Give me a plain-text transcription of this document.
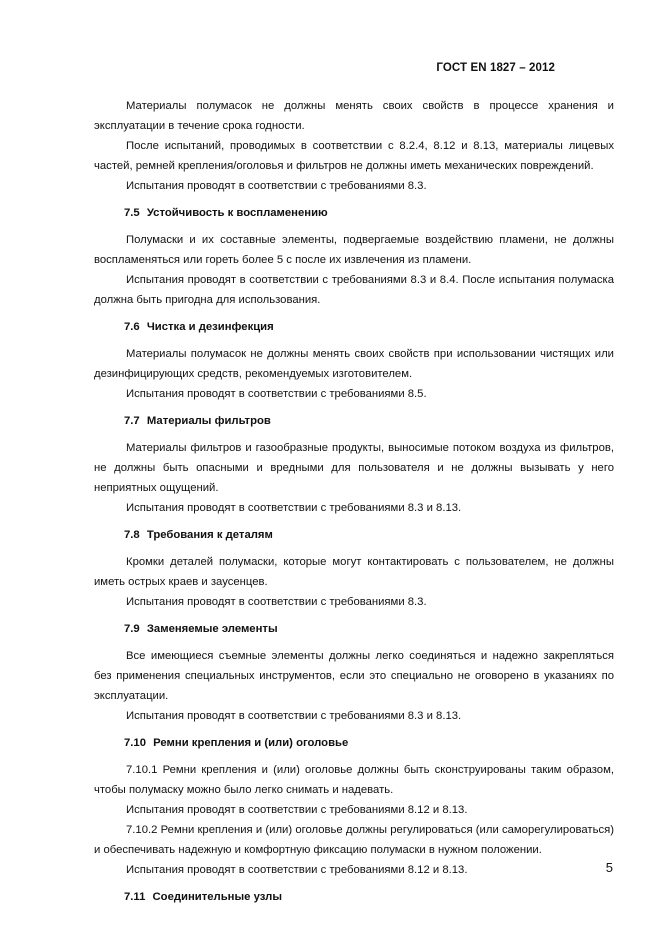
ГОСТ EN 1827 – 2012

Материалы полумасок не должны менять своих свойств в процессе хранения и эксплуатации в течение срока годности.

После испытаний, проводимых в соответствии с 8.2.4, 8.12 и 8.13, материалы лицевых частей, ремней крепления/оголовья и фильтров не должны иметь механических повреждений.

Испытания проводят в соответствии с требованиями 8.3.

7.5 Устойчивость к воспламенению

Полумаски и их составные элементы, подвергаемые воздействию пламени, не должны воспламеняться или гореть более 5 с после их извлечения из пламени.

Испытания проводят в соответствии с требованиями 8.3 и 8.4. После испытания полумаска должна быть пригодна для использования.

7.6 Чистка и дезинфекция

Материалы полумасок не должны менять своих свойств при использовании чистящих или дезинфицирующих средств, рекомендуемых изготовителем.

Испытания проводят в соответствии с требованиями 8.5.

7.7 Материалы фильтров

Материалы фильтров и газообразные продукты, выносимые потоком воздуха из фильтров, не должны быть опасными и вредными для пользователя и не должны вызывать у него неприятных ощущений.

Испытания проводят в соответствии с требованиями 8.3 и 8.13.

7.8 Требования к деталям

Кромки деталей полумаски, которые могут контактировать с пользователем, не должны иметь острых краев и заусенцев.

Испытания проводят в соответствии с требованиями 8.3.

7.9 Заменяемые элементы

Все имеющиеся съемные элементы должны легко соединяться и надежно закрепляться без применения специальных инструментов, если это специально не оговорено в указаниях по эксплуатации.

Испытания проводят в соответствии с требованиями 8.3 и 8.13.

7.10 Ремни крепления и (или) оголовье

7.10.1 Ремни крепления и (или) оголовье должны быть сконструированы таким образом, чтобы полумаску можно было легко снимать и надевать.

Испытания проводят в соответствии с требованиями 8.12 и 8.13.

7.10.2 Ремни крепления и (или) оголовье должны регулироваться (или саморегулироваться) и обеспечивать надежную и комфортную фиксацию полумаски в нужном положении.

Испытания проводят в соответствии с требованиями 8.12 и 8.13.

7.11 Соединительные узлы
5
